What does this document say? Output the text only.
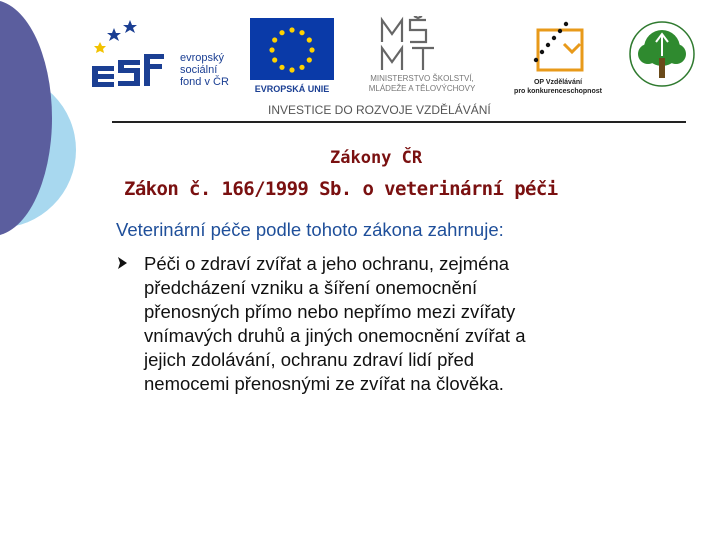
evropský
sociální
fond v ČR
EVROPSKÁ UNIE
MINISTERSTVO ŠKOLSTVÍ,
MLÁDEŽE A TĚLOVÝCHOVY
OP Vzdělávání
pro konkurenceschopnost
INVESTICE DO ROZVOJE VZDĚLÁVÁNÍ
Zákony ČR
Zákon č. 166/1999 Sb. o veterinární péči
Veterinární péče podle tohoto zákona zahrnuje:

Péči o zdraví zvířat a jeho ochranu, zejména
předcházení vzniku a šíření onemocnění
přenosných přímo nebo nepřímo mezi zvířaty
vnímavých druhů a jiných onemocnění zvířat a
jejich zdolávání, ochranu zdraví lidí před
nemocemi přenosnými ze zvířat na člověka.
